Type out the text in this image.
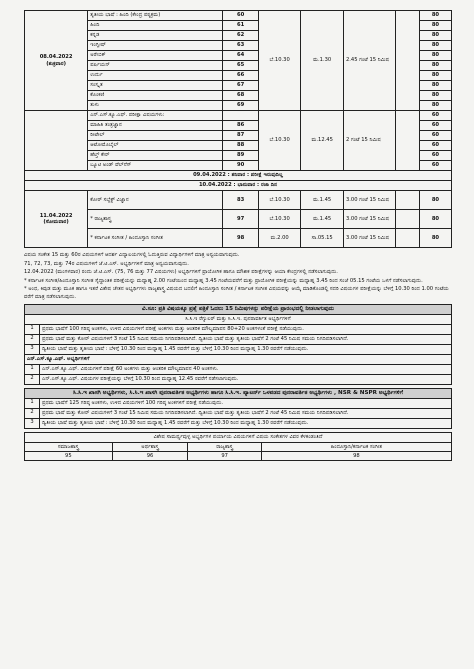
08.04.2022
(ಶುಕ್ರವಾರ)	ತೃತೀಯ ಭಾಷೆ : ಹಿಂದಿ (ಕೇಂದ್ರ ಪಠ್ಯಕ್ರಮ)	60	ಬೆ.10.30	ಮ.1.30	2.45 ಗಂಟೆ 15 ನಿಮಿಷ		80
	ಹಿಂದಿ	61					80
	ಕನ್ನಡ	62					80
	ಇಂಗ್ಲೀಷ್	63					80
	ಅರೇಬಿಕ್	64					80
	ಪರ್ಷಿಯನ್	65					80
	ಉರ್ದು	66					80
	ಸಂಸ್ಕೃತ	67					80
	ಕೊಂಕಣಿ	68					80
	ತುಳು	69					80
	ಎನ್.ಎಸ್.ಕ್ಯೂ.ಎಫ್. ಪರೀಕ್ಷಾ ವಿಷಯಗಳು:		ಬೆ.10.30	ಮ.12.45	2 ಗಂಟೆ 15 ನಿಮಿಷ		60
	ಮಾಹಿತಿ ತಂತ್ರಜ್ಞಾನ	86					60
	ರೀಟೇಲ್	87					60
	ಆಟೋಮೊಬೈಲ್	88					60
	ಹೆಲ್ತ್ ಕೇರ್	89					60
	ಬ್ಯೂಟಿ ಅಂಡ್ ವೆಲ್‌ನೆಸ್	90					60
09.04.2022 : ಶನಿವಾರ : ಪರೀಕ್ಷೆ ಇರುವುದಿಲ್ಲ							
10.04.2022 : ಭಾನುವಾರ : ರಜಾ ದಿನ							

11.04.2022
(ಸೋಮವಾರ)	ಕೋರ್ ಸಬ್ಜೆಕ್ಟ್ ವಿಜ್ಞಾನ	83	ಬೆ.10.30	ಮ.1.45	3.00 ಗಂಟೆ 15 ನಿಮಿಷ		80
	* ರಾಜ್ಯಶಾಸ್ತ್ರ	97	ಬೆ.10.30	ಮ.1.45	3.00 ಗಂಟೆ 15 ನಿಮಿಷ		80
	* ಕರ್ನಾಟಕ ಸಂಗೀತ / ಹಿಂದೂಸ್ತಾನಿ ಸಂಗೀತ	98	ಮ.2.00	ಸಾ.05.15	3.00 ಗಂಟೆ 15 ನಿಮಿಷ		80

ವಿಷಯ ಸಂಕೇತ 15 ಮತ್ತು 60ರ ವಿಷಯಗಳಿಗೆ ಆದರ್ಶ ವಿದ್ಯಾಲಯಗಳಲ್ಲಿ ಓದುತ್ತಿರುವ ವಿದ್ಯಾರ್ಥಿಗಳಿಗೆ ಮಾತ್ರ ಅನ್ವಯವಾಗುವುದು.

71, 72, 73, ಮತ್ತು 74ರ ವಿಷಯಗಳಿಗೆ ಜೆ.ಟಿ.ಎಸ್. ಅಭ್ಯರ್ಥಿಗಳಿಗೆ ಮಾತ್ರ ಅನ್ವಯವಾಗುವುದು.

12.04.2022 (ಮಂಗಳವಾರ) ರಂದು ಜೆ.ಟಿ.ಎಸ್. (75, 76 ಮತ್ತು 77 ವಿಷಯಗಳು) ಅಭ್ಯರ್ಥಿಗಳಿಗೆ ಪ್ರಾಯೋಗಿಕ ಹಾಗೂ ಮೌಖಿಕ ಪರೀಕ್ಷೆಗಳನ್ನು ಆಯಾ ಕೇಂದ್ರಗಳಲ್ಲಿ ನಡೆಸಲಾಗುವುದು.

* ಕರ್ನಾಟಕ ಸಂಗೀತ/ಹಿಂದೂಸ್ತಾನಿ ಸಂಗೀತ ಸೈದ್ಧಾಂತಿಕ ಪರೀಕ್ಷೆಯನ್ನು ಮಧ್ಯಾಹ್ನ 2.00 ಗಂಟೆಯಿಂದ ಮಧ್ಯಾಹ್ನ 3.45 ಗಂಟೆಯವರೆಗೆ ಮತ್ತು ಪ್ರಾಯೋಗಿಕ ಪರೀಕ್ಷೆಯನ್ನು ಮಧ್ಯಾಹ್ನ 3.45 ರಿಂದ ಸಂಜೆ 05.15 ಗಂಟೆಯ ಒಳಗೆ ನಡೆಸಲಾಗುವುದು.

* ಅಂಧ, ಕಿವುಡ ಮತ್ತು ಮೂಕ ಹಾಗೂ ಇತರೆ ವಿಶೇಷ ಚೇತನ ಅಭ್ಯರ್ಥಿಗಳು ರಾಜ್ಯಶಾಸ್ತ್ರ ವಿಷಯದ ಬದಲಿಗೆ ಹಿಂದೂಸ್ತಾನಿ ಸಂಗೀತ / ಕರ್ನಾಟಕ ಸಂಗೀತ ವಿಷಯವನ್ನು ಆಯ್ಕೆ ಮಾಡಿಕೊಂಡಲ್ಲಿ ಸದರಿ ವಿಷಯಗಳ ಪರೀಕ್ಷೆಯನ್ನು ಬೆಳಿಗ್ಗೆ 10.30 ರಿಂದ 1.00 ಗಂಟೆಯ ವರೆಗೆ ಮಾತ್ರ ನಡೆಸಲಾಗುವುದು.

ವಿ.ಸೂ: ಪ್ರತಿ ವಿಷಯಕ್ಕೂ ಪ್ರಶ್ನೆ ಪತ್ರಿಕೆ ಓದಲು 15 ನಿಮಿಷಗಳನ್ನು ಪರೀಕ್ಷೆಯ ಪ್ರಾರಂಭದಲ್ಲಿ ನೀಡಲಾಗುವುದು
ಸಿ.ಸಿ.ಇ ರೆಗ್ಯುಲರ್ ಮತ್ತು ಸಿ.ಸಿ.ಇ. ಪುನರಾವರ್ತಿತ ಅಭ್ಯರ್ಥಿಗಳಿಗೆ
1	ಪ್ರಥಮ ಭಾಷೆಗೆ 100 ಗರಿಷ್ಠ ಅಂಕಗಳು, ಉಳಿದ ವಿಷಯಗಳಿಗೆ ಪರೀಕ್ಷೆ ಅಂಕಗಳು ಮತ್ತು ಆಂತರಿಕ ಮೌಲ್ಯಮಾಪನ 80+20 ಅಂಕಗಳಂತೆ ಪರೀಕ್ಷೆ ನಡೆಯುವುದು.
2	ಪ್ರಥಮ ಭಾಷೆ ಮತ್ತು ಕೋರ್ ವಿಷಯಗಳಿಗೆ 3 ಗಂಟೆ 15 ನಿಮಿಷ ಸಮಯ ನಿಗದಿಪಡಿಸಲಾಗಿದೆ. ದ್ವಿತೀಯ ಭಾಷೆ ಮತ್ತು ತೃತೀಯ ಭಾಷೆಗೆ 2 ಗಂಟೆ 45 ನಿಮಿಷ ಸಮಯ ನಿಗದಿಪಡಿಸಲಾಗಿದೆ.
3	ದ್ವಿತೀಯ ಭಾಷೆ ಮತ್ತು ತೃತೀಯ ಭಾಷೆ : ಬೆಳಿಗ್ಗೆ 10.30 ರಿಂದ ಮಧ್ಯಾಹ್ನ 1.45 ರವರೆಗೆ ಮತ್ತು ಬೆಳಿಗ್ಗೆ 10.30 ರಿಂದ ಮಧ್ಯಾಹ್ನ 1.30 ರವರೆಗೆ ನಡೆಯುವುದು.
ಎನ್.ಎಸ್.ಕ್ಯೂ.ಎಫ್. ಅಭ್ಯರ್ಥಿಗಳಿಗೆ
1	ಎನ್.ಎಸ್.ಕ್ಯೂ.ಎಫ್. ವಿಷಯಗಳಿಗೆ ಪರೀಕ್ಷೆ 60 ಅಂಕಗಳು ಮತ್ತು ಆಂತರಿಕ ಮೌಲ್ಯಮಾಪನ 40 ಅಂಕಗಳು.
2	ಎನ್.ಎಸ್.ಕ್ಯೂ.ಎಫ್. ವಿಷಯಗಳ ಪರೀಕ್ಷೆಯನ್ನು ಬೆಳಿಗ್ಗೆ 10.30 ರಿಂದ ಮಧ್ಯಾಹ್ನ 12.45 ರವರೆಗೆ ನಡೆಸಲಾಗುವುದು.
ಸಿ.ಸಿ.ಇ ಖಾಸಗಿ ಅಭ್ಯರ್ಥಿಗಳು, ಸಿ.ಸಿ.ಇ ಖಾಸಗಿ ಪುನರಾವರ್ತಿತ ಅಭ್ಯರ್ಥಿಗಳು ಹಾಗೂ ಸಿ.ಸಿ.ಇ. ಪ್ಯಾಟರ್ನ್ ಒಳಪಡದ ಪುನರಾವರ್ತಿತ ಅಭ್ಯರ್ಥಿಗಳು , NSR & NSPR ಅಭ್ಯರ್ಥಿಗಳಿಗೆ
1	ಪ್ರಥಮ ಭಾಷೆಗೆ 125 ಗರಿಷ್ಠ ಅಂಕಗಳು, ಉಳಿದ ವಿಷಯಗಳಿಗೆ 100 ಗರಿಷ್ಠ ಅಂಕಗಳಿಗೆ ಪರೀಕ್ಷೆ ನಡೆಯುವುದು.
2	ಪ್ರಥಮ ಭಾಷೆ ಮತ್ತು ಕೋರ್ ವಿಷಯಗಳಿಗೆ 3 ಗಂಟೆ 15 ನಿಮಿಷ ಸಮಯ ನಿಗದಿಪಡಿಸಲಾಗಿದೆ. ದ್ವಿತೀಯ ಭಾಷೆ ಮತ್ತು ತೃತೀಯ ಭಾಷೆಗೆ 2 ಗಂಟೆ 45 ನಿಮಿಷ ಸಮಯ ನಿಗದಿಪಡಿಸಲಾಗಿದೆ.
3	ದ್ವಿತೀಯ ಭಾಷೆ ಮತ್ತು ತೃತೀಯ ಭಾಷೆ : ಬೆಳಿಗ್ಗೆ 10.30 ರಿಂದ ಮಧ್ಯಾಹ್ನ 1.45 ರವರೆಗೆ ಮತ್ತು ಬೆಳಿಗ್ಗೆ 10.30 ರಿಂದ ಮಧ್ಯಾಹ್ನ 1.30 ರವರೆಗೆ ನಡೆಯುವುದು.
ವಿಶೇಷ ಸಾಮರ್ಥ್ಯವುಳ್ಳ ಅಭ್ಯರ್ಥಿಗಳ ಪರ್ಯಾಯ ವಿಷಯಗಳಿಗೆ ವಿಷಯ ಸಂಕೇತಗಳ ವಿವರ ಕೆಳಕಂಡಂತಿದೆ
ಸಮಾಜಶಾಸ್ತ್ರ	ಅರ್ಥಶಾಸ್ತ್ರ	ರಾಜ್ಯಶಾಸ್ತ್ರ	ಹಿಂದೂಸ್ತಾನಿ/ಕರ್ನಾಟಕ ಸಂಗೀತ
95	96	97	98
